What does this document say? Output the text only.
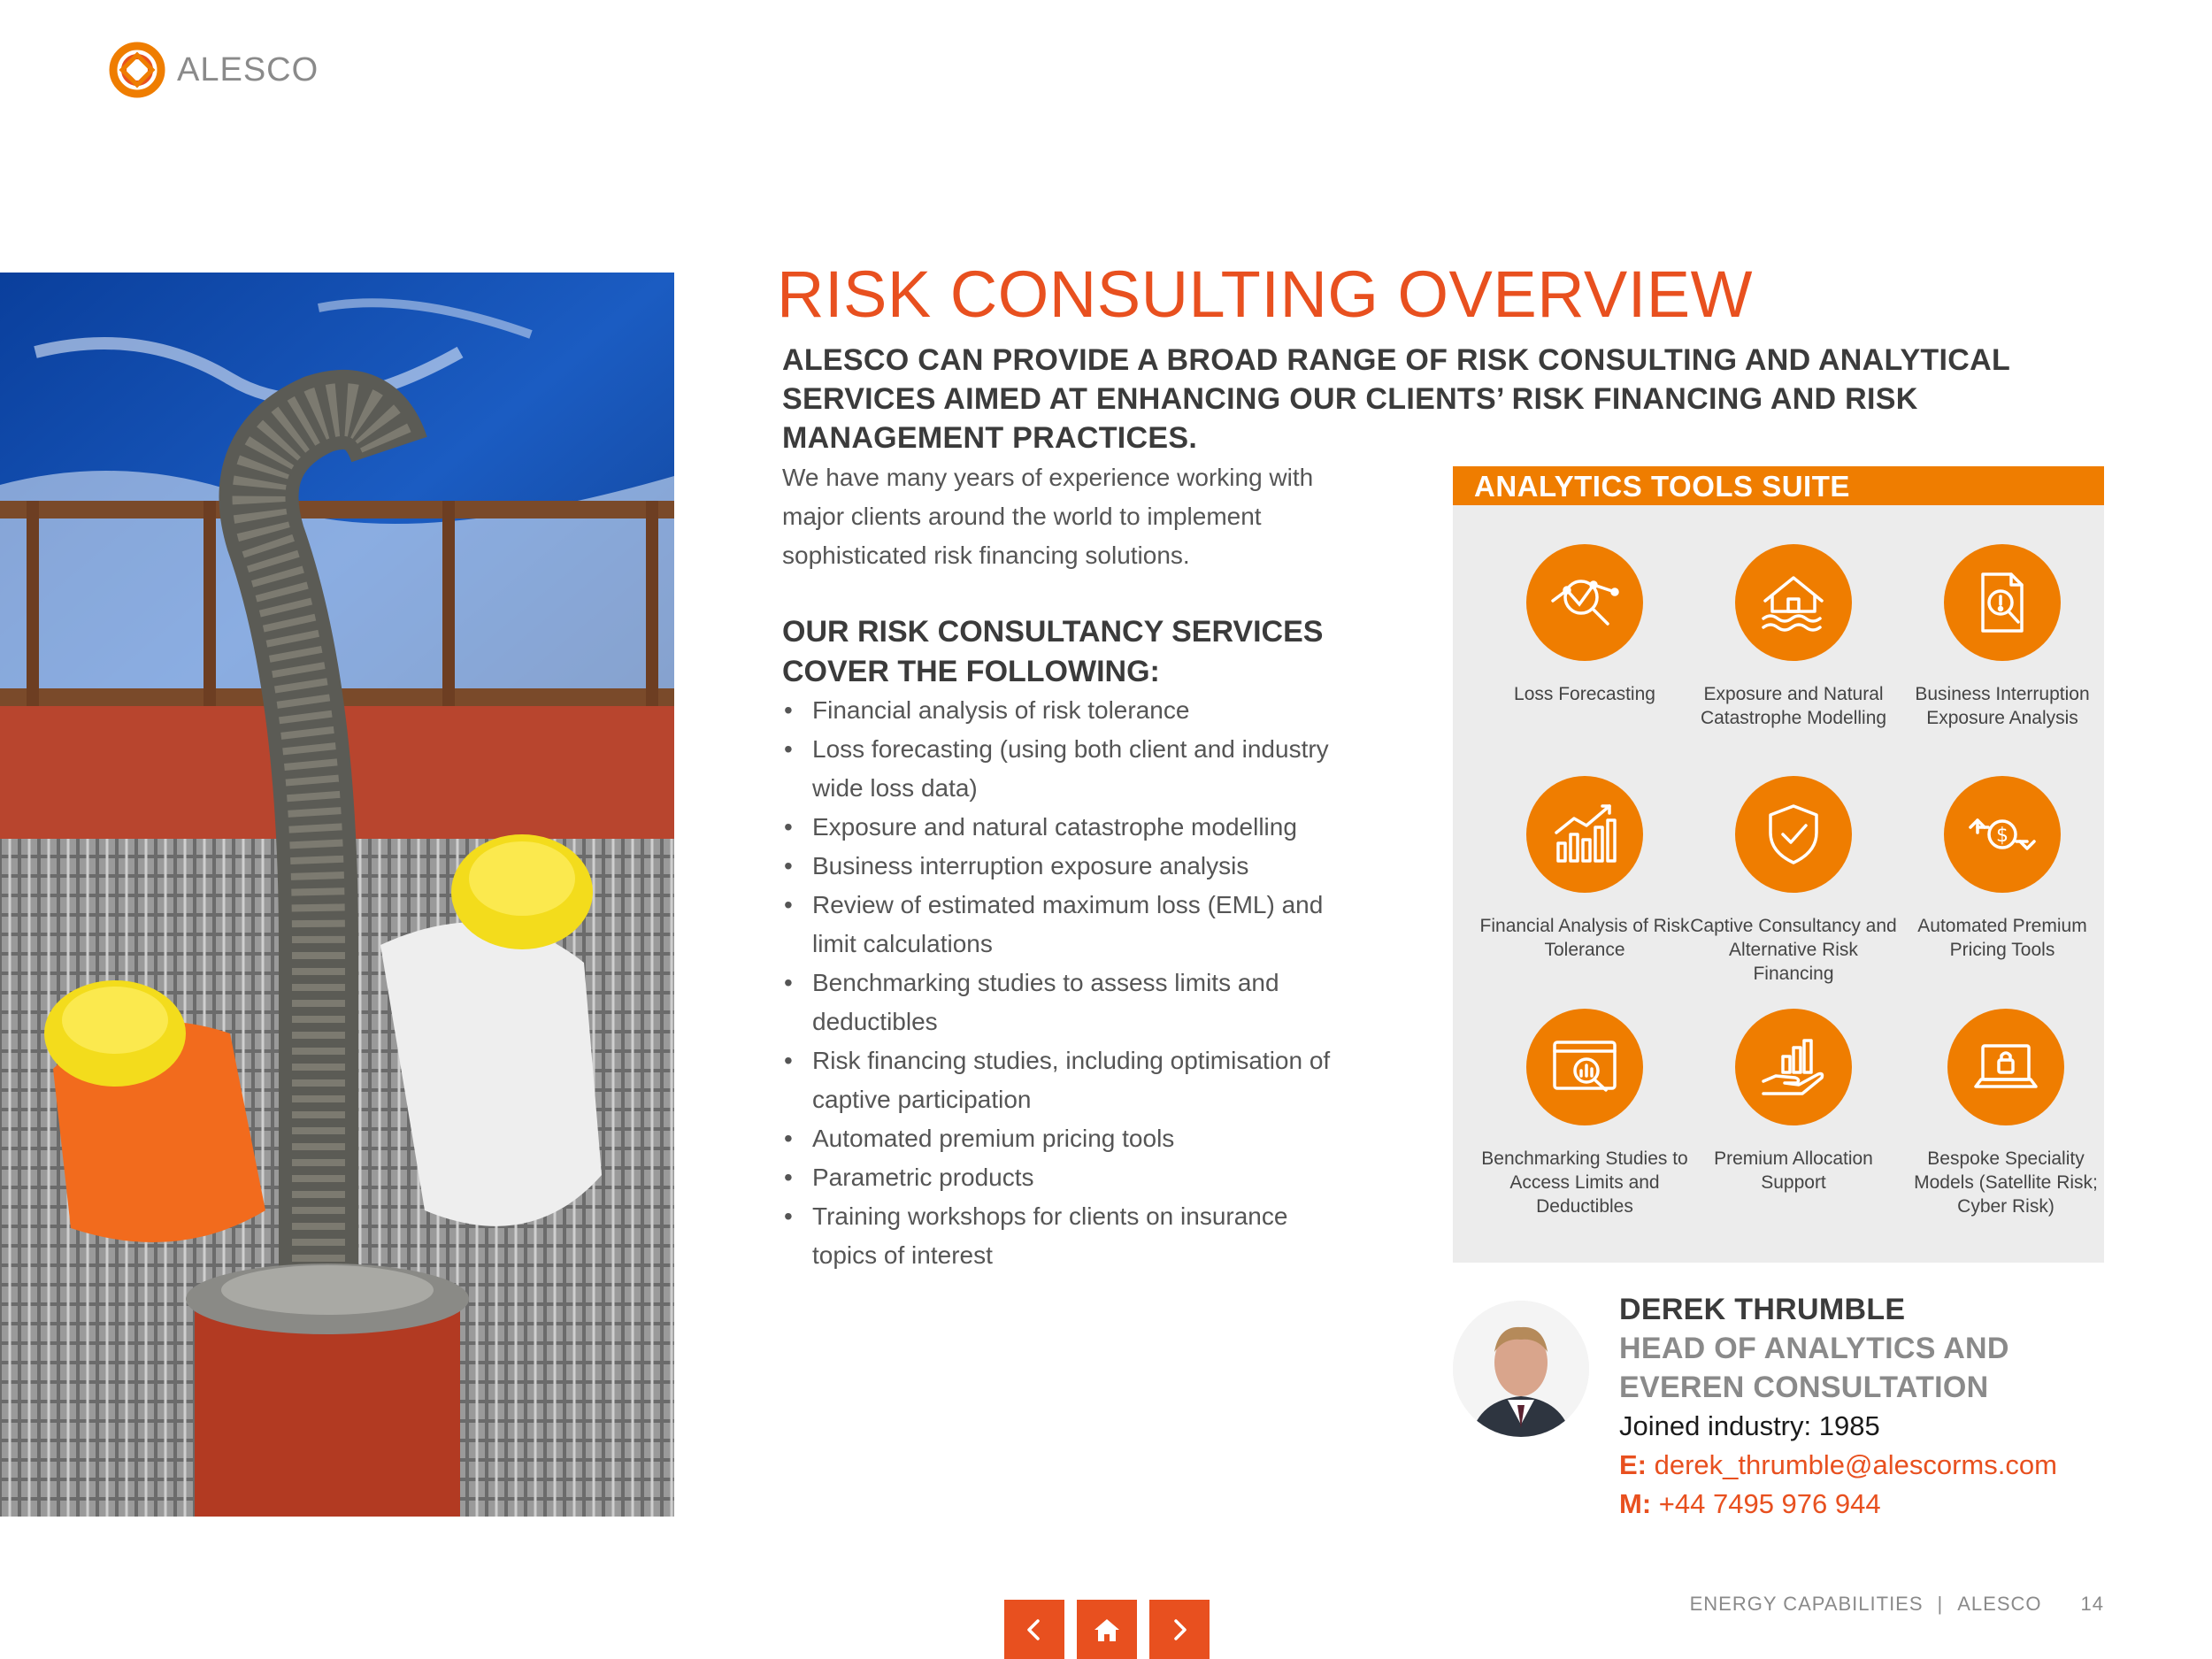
ALESCO
RISK CONSULTING OVERVIEW

ALESCO CAN PROVIDE A BROAD RANGE OF RISK CONSULTING AND ANALYTICAL SERVICES AIMED AT ENHANCING OUR CLIENTS’ RISK FINANCING AND RISK MANAGEMENT PRACTICES.

We have many years of experience working with major clients around the world to implement sophisticated risk financing solutions.

OUR RISK CONSULTANCY SERVICES COVER THE FOLLOWING:
• Financial analysis of risk tolerance
• Loss forecasting (using both client and industry wide loss data)
• Exposure and natural catastrophe modelling
• Business interruption exposure analysis
• Review of estimated maximum loss (EML) and limit calculations
• Benchmarking studies to assess limits and deductibles
• Risk financing studies, including optimisation of captive participation
• Automated premium pricing tools
• Parametric products
• Training workshops for clients on insurance topics of interest
ANALYTICS TOOLS SUITE
Loss Forecasting	Exposure and Natural Catastrophe Modelling
Business Interruption Exposure Analysis
Financial Analysis of Risk Tolerance
Captive Consultancy and Alternative Risk Financing
$
Automated Premium Pricing Tools
Benchmarking Studies to Access Limits and Deductibles
Premium Allocation Support
Bespoke Speciality Models (Satellite Risk; Cyber Risk)
DEREK THRUMBLE
HEAD OF ANALYTICS AND
EVEREN CONSULTATION
Joined industry: 1985
E: derek_thrumble@alescorms.com
M: +44 7495 976 944
ENERGY CAPABILITIES | ALESCO 14
